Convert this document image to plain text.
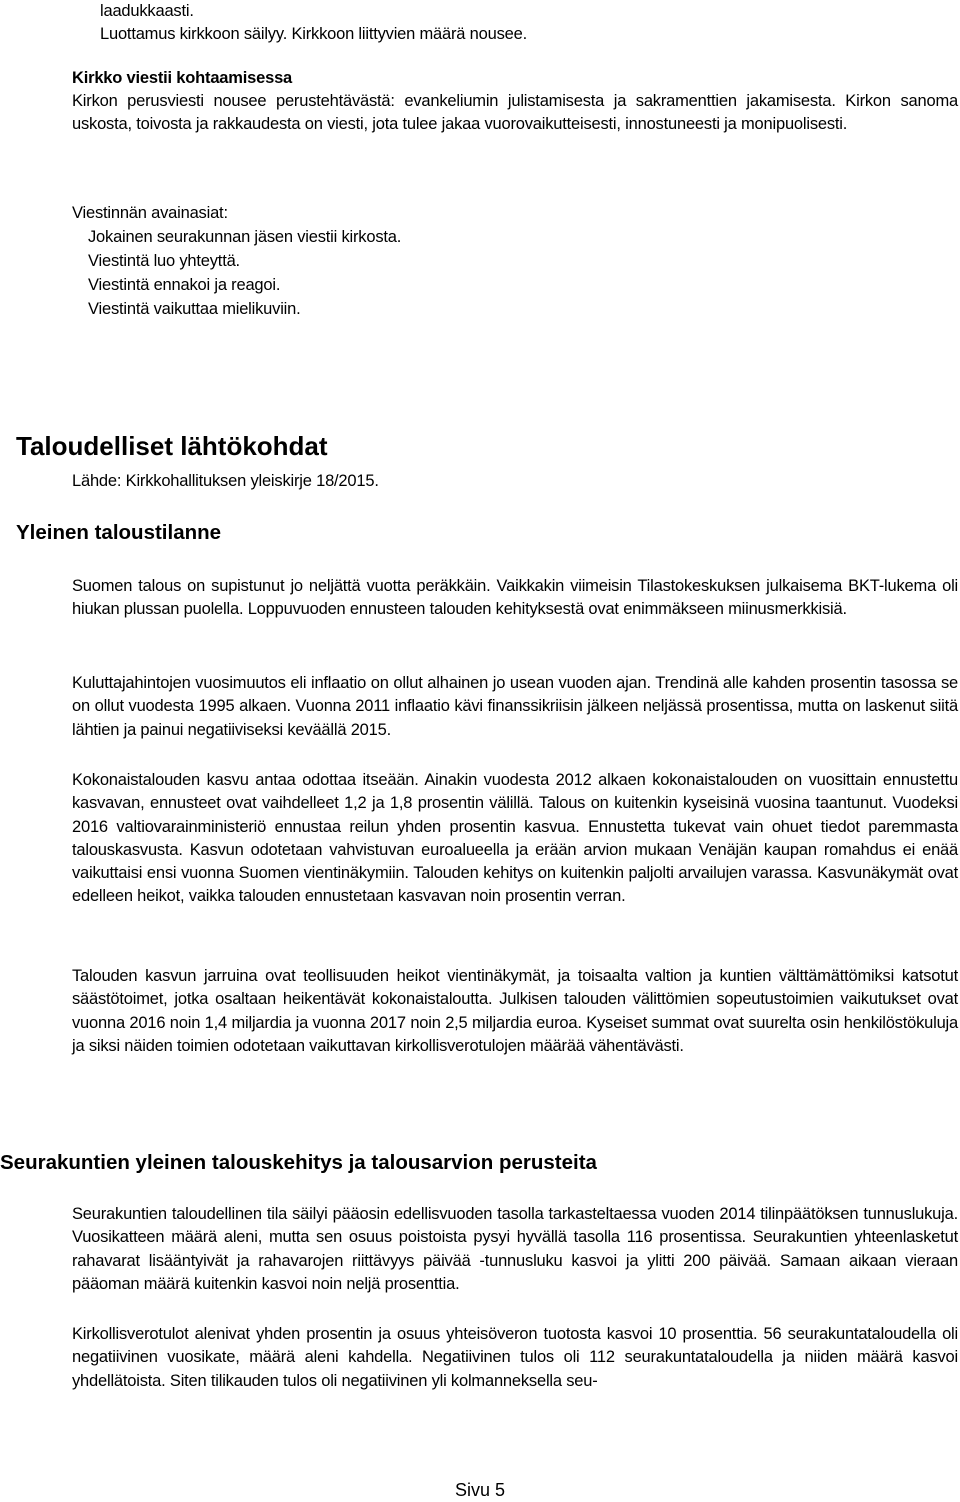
laadukkaasti.
Luottamus kirkkoon säilyy. Kirkkoon liittyvien määrä nousee.
Kirkko viestii kohtaamisessa
Kirkon perusviesti nousee perustehtävästä: evankeliumin julistamisesta ja sakramenttien jakamisesta. Kirkon sanoma uskosta, toivosta ja rakkaudesta on viesti, jota tulee jakaa vuorovaikutteisesti, innostuneesti ja monipuolisesti.
Viestinnän avainasiat:
Jokainen seurakunnan jäsen viestii kirkosta.
Viestintä luo yhteyttä.
Viestintä ennakoi ja reagoi.
Viestintä vaikuttaa mielikuviin.
Taloudelliset lähtökohdat
Lähde: Kirkkohallituksen yleiskirje 18/2015.
Yleinen taloustilanne
Suomen talous on supistunut jo neljättä vuotta peräkkäin. Vaikkakin viimeisin Tilastokeskuksen julkaisema BKT-lukema oli hiukan plussan puolella. Loppuvuoden ennusteen talouden kehityksestä ovat enimmäkseen miinusmerkkisiä.
Kuluttajahintojen vuosimuutos eli inflaatio on ollut alhainen jo usean vuoden ajan. Trendinä alle kahden prosentin tasossa se on ollut vuodesta 1995 alkaen. Vuonna 2011 inflaatio kävi finanssikriisin jälkeen neljässä prosentissa, mutta on laskenut siitä lähtien ja painui negatiiviseksi keväällä 2015.
Kokonaistalouden kasvu antaa odottaa itseään. Ainakin vuodesta 2012 alkaen kokonaistalouden on vuosittain ennustettu kasvavan, ennusteet ovat vaihdelleet 1,2 ja 1,8 prosentin välillä. Talous on kuitenkin kyseisinä vuosina taantunut. Vuodeksi 2016 valtiovarainministeriö ennustaa reilun yhden prosentin kasvua. Ennustetta tukevat vain ohuet tiedot paremmasta talouskasvusta. Kasvun odotetaan vahvistuvan euroalueella ja erään arvion mukaan Venäjän kaupan romahdus ei enää vaikuttaisi ensi vuonna Suomen vientinäkymiin. Talouden kehitys on kuitenkin paljolti arvailujen varassa. Kasvunäkymät ovat edelleen heikot, vaikka talouden ennustetaan kasvavan noin prosentin verran.
Talouden kasvun jarruina ovat teollisuuden heikot vientinäkymät, ja toisaalta valtion ja kuntien välttämättömiksi katsotut säästötoimet, jotka osaltaan heikentävät kokonaistaloutta. Julkisen talouden välittömien sopeutustoimien vaikutukset ovat vuonna 2016 noin 1,4 miljardia ja vuonna 2017 noin 2,5 miljardia euroa. Kyseiset summat ovat suurelta osin henkilöstökuluja ja siksi näiden toimien odotetaan vaikuttavan kirkollisverotulojen määrää vähentävästi.
Seurakuntien yleinen talouskehitys ja talousarvion perusteita
Seurakuntien taloudellinen tila säilyi pääosin edellisvuoden tasolla tarkasteltaessa vuoden 2014 tilinpäätöksen tunnuslukuja. Vuosikatteen määrä aleni, mutta sen osuus poistoista pysyi hyvällä tasolla 116 prosentissa. Seurakuntien yhteenlasketut rahavarat lisääntyivät ja rahavarojen riittävyys päivää -tunnusluku kasvoi ja ylitti 200 päivää. Samaan aikaan vieraan pääoman määrä kuitenkin kasvoi noin neljä prosenttia.
Kirkollisverotulot alenivat yhden prosentin ja osuus yhteisöveron tuotosta kasvoi 10 prosenttia. 56 seurakuntataloudella oli negatiivinen vuosikate, määrä aleni kahdella. Negatiivinen tulos oli 112 seurakuntataloudella ja niiden määrä kasvoi yhdellätoista. Siten tilikauden tulos oli negatiivinen yli kolmanneksella seu-
Sivu 5
